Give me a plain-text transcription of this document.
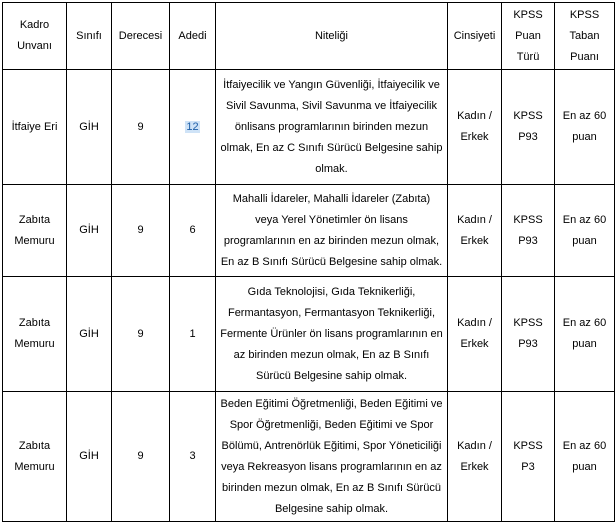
Kadro Unvanı	Sınıfı	Derecesi	Adedi	Niteliği	Cinsiyeti	KPSS Puan Türü	KPSS Taban Puanı
İtfaiye Eri	GİH	9	12	İtfaiyecilik ve Yangın Güvenliği, İtfaiyecilik ve Sivil Savunma, Sivil Savunma ve İtfaiyecilik önlisans programlarının birinden mezun olmak, En az C Sınıfı Sürücü Belgesine sahip olmak.	Kadın / Erkek	KPSS P93	En az 60 puan
Zabıta Memuru	GİH	9	6	Mahalli İdareler, Mahalli İdareler (Zabıta) veya Yerel Yönetimler ön lisans programlarının en az birinden mezun olmak, En az B Sınıfı Sürücü Belgesine sahip olmak.	Kadın / Erkek	KPSS P93	En az 60 puan
Zabıta Memuru	GİH	9	1	Gıda Teknolojisi, Gıda Teknikerliği, Fermantasyon, Fermantasyon Teknikerliği, Fermente Ürünler ön lisans programlarının en az birinden mezun olmak, En az B Sınıfı Sürücü Belgesine sahip olmak.	Kadın / Erkek	KPSS P93	En az 60 puan
Zabıta Memuru	GİH	9	3	Beden Eğitimi Öğretmenliği, Beden Eğitimi ve Spor Öğretmenliği, Beden Eğitimi ve Spor Bölümü, Antrenörlük Eğitimi, Spor Yöneticiliği veya Rekreasyon lisans programlarının en az birinden mezun olmak, En az B Sınıfı Sürücü Belgesine sahip olmak.	Kadın / Erkek	KPSS P3	En az 60 puan
